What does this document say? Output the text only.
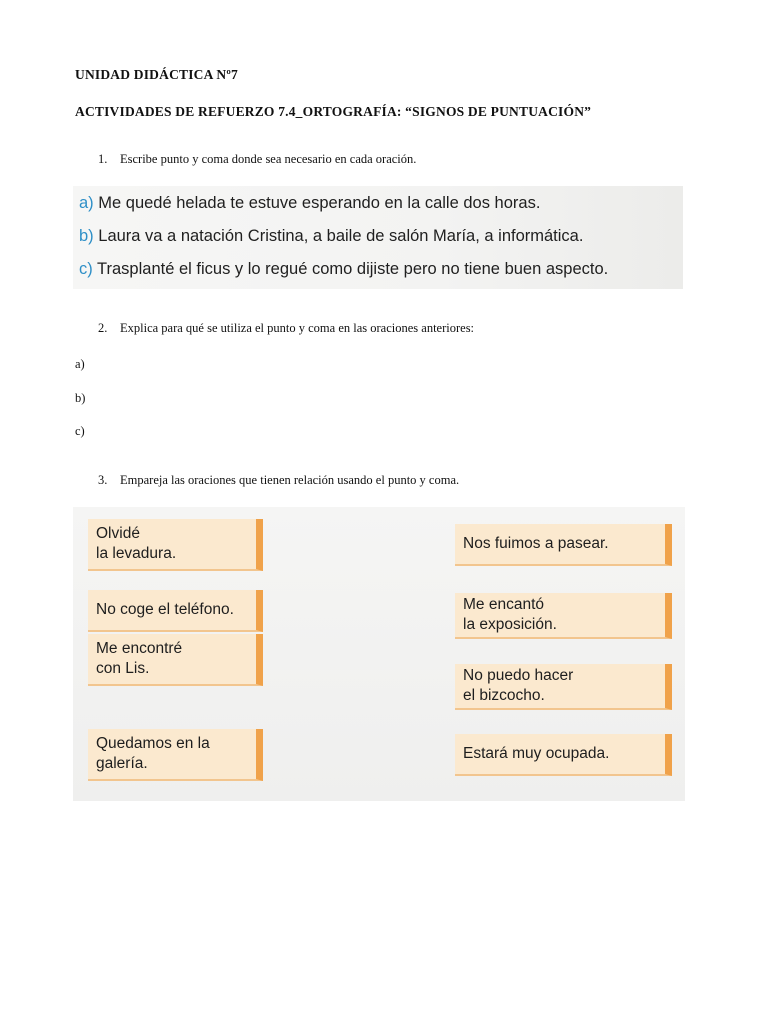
UNIDAD DIDÁCTICA Nº7
ACTIVIDADES DE REFUERZO 7.4_ORTOGRAFÍA: “SIGNOS DE PUNTUACIÓN”
1. Escribe punto y coma donde sea necesario en cada oración.
a) Me quedé helada te estuve esperando en la calle dos horas.
b) Laura va a natación Cristina, a baile de salón María, a informática.
c) Trasplanté el ficus y lo regué como dijiste pero no tiene buen aspecto.
2. Explica para qué se utiliza el punto y coma en las oraciones anteriores:
a)
b)
c)
3. Empareja las oraciones que tienen relación usando el punto y coma.
Olvidé
la levadura.
No coge el teléfono.
Me encontré
con Lis.
Quedamos en la
galería.
Nos fuimos a pasear.
Me encantó
la exposición.
No puedo hacer
el bizcocho.
Estará muy ocupada.
